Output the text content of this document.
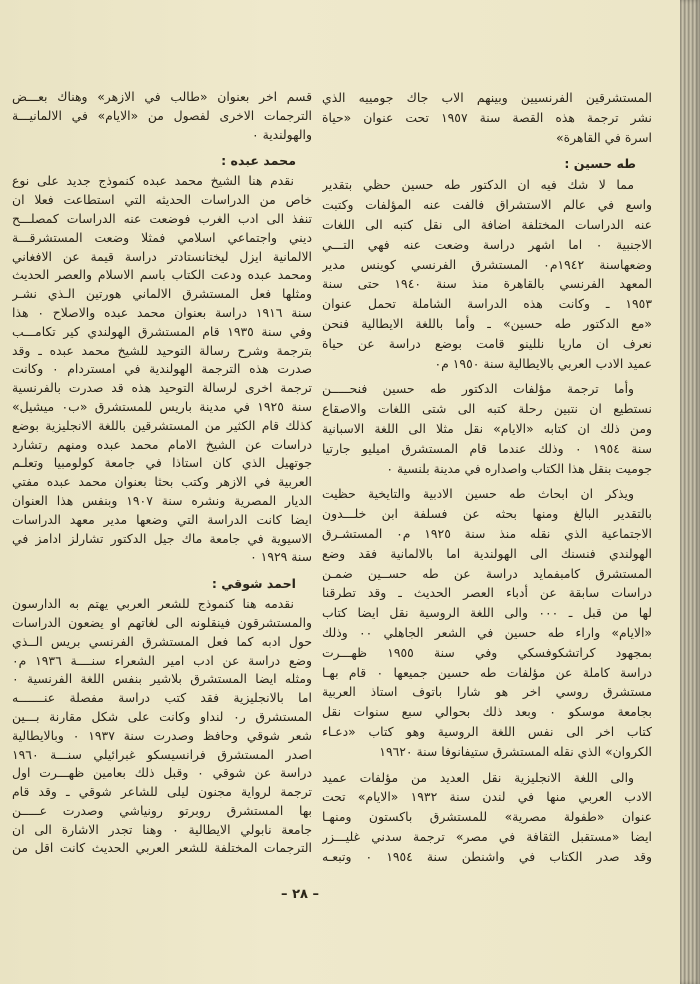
المستشرقين الفرنسيين وبينهم الاب جاك جومييه الذي
نشر ترجمة هذه القصة سنة ١٩٥٧ تحت عنوان «حياة
اسرة في القاهرة»
طه حسين :
مما لا شك فيه ان الدكتور طه حسين حظي بتقدير
واسع في عالم الاستشراق فالفت عنه المؤلفات وكتبت
عنه الدراسات المختلفة اضافة الى نقل كتبه الى اللغات
الاجنبية ٠ اما اشهر دراسة وضعت عنه فهي التـــي
وضعهاسنة ١٩٤٢م٠ المستشرق الفرنسي كوينس مدير
المعهد الفرنسي بالقاهرة منذ سنة ١٩٤٠ حتى سنة
١٩٥٣ ـ وكانت هذه الدراسة الشاملة تحمل عنوان
«مع الدكتور طه حسين» ـ وأما باللغة الايطالية فنحن
نعرف ان ماريا نللينو قامت بوضع دراسة عن حياة
عميد الادب العربي بالايطالية سنة ١٩٥٠ م٠
وأما ترجمة مؤلفات الدكتور طه حسين فنحـــــن
نستطيع ان نتبين رحلة كتبه الى شتى اللغات والاصقاع
ومن ذلك ان كتابه «الايام» نقل مثلا الى اللغة الاسبانية
سنة ١٩٥٤ ٠ وذلك عندما قام المستشرق اميليو جارتيا
جوميت بنقل هذا الكتاب واصداره في مدينة بلنسية ٠
ويذكر ان ابحاث طه حسين الادبية والتايخية حظيت
بالتقدير البالغ ومنها بحثه عن فسلفة ابن خلـــدون
الاجتماعية الذي نقله منذ سنة ١٩٢٥ م٠ المستشـرق
الهولندي فنسنك الى الهولندية اما بالالمانية فقد وضع
المستشرق كامبفمايد دراسة عن طه حســين ضمـن
دراسات سابقة عن أدباء العصر الحديث ـ وقد تطرقنا
لها من قبل ـ ٠٠٠ والى اللغة الروسية نقل ايضا كتاب
«الايام» واراء طه حسين في الشعر الجاهلي ٠٠ وذلك
بمجهود كراتشكوفسكي وفي سنة ١٩٥٥ ظهـــرت
دراسة كاملة عن مؤلفات طه حسين جميعها ٠ قام بهـا
مستشرق روسي اخر هو شارا باتوف استاذ العربية
بجامعة موسكو ٠ وبعد ذلك بحوالي سبع سنوات نقل
كتاب اخر الى نفس اللغة الروسية وهو كتاب «دعـاء
الكروان» الذي نقله المستشرق ستيفانوفا سنة ١٩٦٢٠
والى اللغة الانجليزية نقل العديد من مؤلفات عميد
الادب العربي منها في لندن سنة ١٩٣٢ «الايام» تحت
عنوان «طفولة مصرية» للمستشرق باكستون ومنهـا
ايضا «مستقبل الثقافة في مصر» ترجمة سدني غليـــزر
وقد صدر الكتاب في واشنطن سنة ١٩٥٤ ٠ وتبعـه
قسم اخر بعنوان «طالب في الازهر» وهناك بعـــض
الترجمات الاخرى لفصول من «الايام» في الالمانيـــة
والهولندية ٠
محمد عبده :
نقدم هنا الشيخ محمد عبده كنموذج جديد على نوع
خاص من الدراسات الحديثه التي استطاعت فعلا ان
تنفذ الى ادب الغرب فوضعت عنه الدراسات كمصلـــح
ديني واجتماعي اسلامي فمثلا وضعت المستشرقـــة
الالمانية ايزل ليختانستادتر دراسة قيمة عن الافغاني
ومحمد عبده ودعت الكتاب باسم الاسلام والعصر الحديث
ومثلها فعل المستشرق الالماني هورتين الـذي نشـر
سنة ١٩١٦ دراسة بعنوان محمد عبده والاصلاح ٠ هذا
وفي سنة ١٩٣٥ قام المستشرق الهولندي كير تكامـــب
بترجمة وشرح رسالة التوحيد للشيخ محمد عبده ـ وقد
صدرت هذه الترجمة الهولندية في امستردام ٠ وكانت
ترجمة اخرى لرسالة التوحيد هذه قد صدرت بالفرنسية
سنة ١٩٢٥ في مدينة باريس للمستشرق «ب٠ ميشيل»
كذلك قام الكثير من المستشرقين باللغة الانجليزية بوضع
دراسات عن الشيخ الامام محمد عبده ومنهم رتشارد
جوتهيل الذي كان استاذا في جامعة كولومبيا وتعلـم
العربية في الازهر وكتب بحثا بعنوان محمد عبده مفتي
الديار المصرية ونشره سنة ١٩٠٧ وبنفس هذا العنوان
ايضا كانت الدراسة التي وضعها مدير معهد الدراسات
الاسيوية في جامعة ماك جيل الدكتور تشارلز ادامز في
سنة ١٩٢٩ ٠
احمد شوقي :
نقدمه هنا كنموذج للشعر العربي يهتم به الدارسون
والمستشرقون فينقلونه الى لغاتهم او يضعون الدراسات
حول ادبه كما فعل المستشرق الفرنسي بريس الــذي
وضع دراسة عن ادب امير الشعراء سنــــة ١٩٣٦ م٠
ومثله ايضا المستشرق بلاشير بنفس اللغة الفرنسية ٠
اما بالانجليزية فقد كتب دراسة مفصلة عنـــــــه
المستشرق ر٠ لنداو وكانت على شكل مقارنة بـــين
شعر شوقي وحافظ وصدرت سنة ١٩٣٧ ٠ وبالايطالية
اصدر المستشرق فرانسيسكو غبرائيلي سنـــة ١٩٦٠
دراسة عن شوقي ٠ وقبل ذلك بعامين ظهـــرت اول
ترجمة لرواية مجنون ليلى للشاعر شوقي ـ وقد قام
بها المستشرق روبرتو رونياشي وصدرت عـــــن
جامعة نابولي الايطالية ٠ وهنا تجدر الاشارة الى ان
الترجمات المختلفة للشعر العربي الحديث كانت اقل من
– ٢٨ –
